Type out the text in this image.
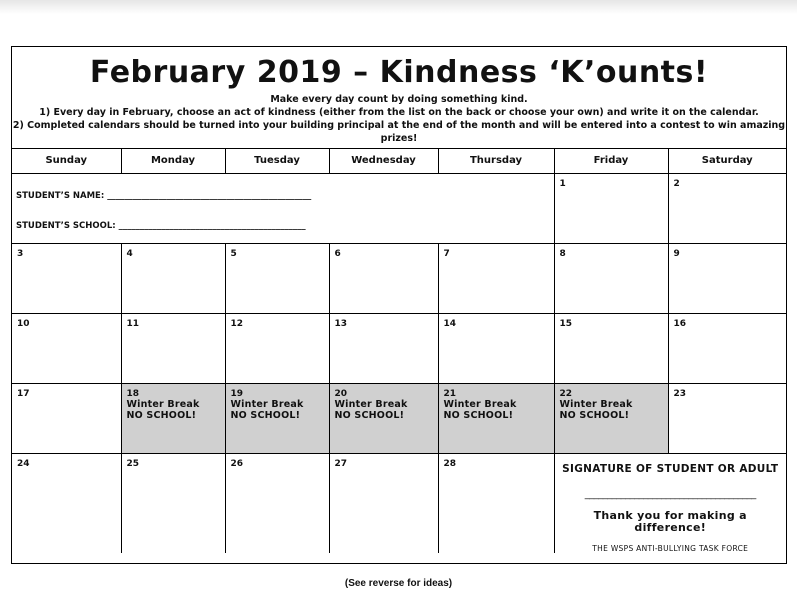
February 2019 – Kindness ‘K’ounts!
Make every day count by doing something kind.
1) Every day in February, choose an act of kindness (either from the list on the back or choose your own) and write it on the calendar.
2) Completed calendars should be turned into your building principal at the end of the month and will be entered into a contest to win amazing prizes!
Sunday	Monday	Tuesday	Wednesday	Thursday	Friday	Saturday

STUDENT’S NAME: ________________________________________________
STUDENT’S SCHOOL: ____________________________________________					1	2

3	4	5	6	7	8	9

10	11	12	13	14	15	16

17	18
Winter Break
NO SCHOOL!	19
Winter Break
NO SCHOOL!	20
Winter Break
NO SCHOOL!	21
Winter Break
NO SCHOOL!	22
Winter Break
NO SCHOOL!	23

24	25	26	27	28	SIGNATURE OF STUDENT OR ADULT
______________________________________
Thank you for making a difference!
THE WSPS ANTI-BULLYING TASK FORCE	
(See reverse for ideas)
